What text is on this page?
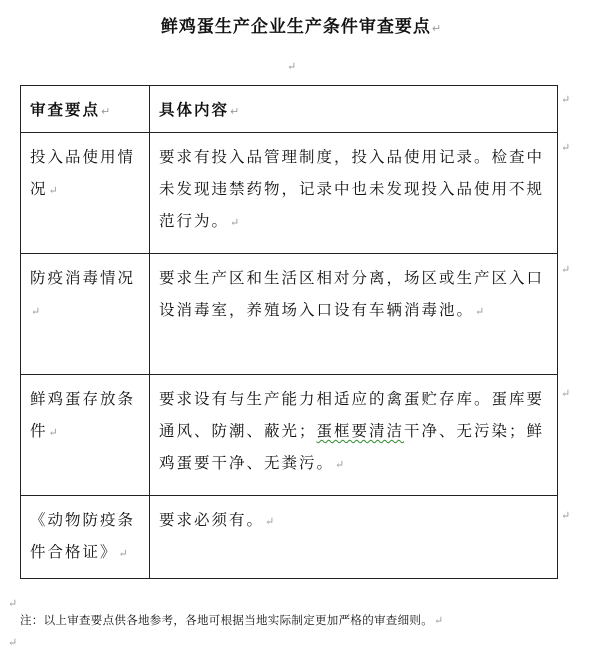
鲜鸡蛋生产企业生产条件审查要点↵
↵
审查要点↵	具体内容↵
投入品使用情况↵	要求有投入品管理制度，投入品使用记录。检查中未发现违禁药物，记录中也未发现投入品使用不规范行为。↵
防疫消毒情况↵	要求生产区和生活区相对分离，场区或生产区入口设消毒室，养殖场入口设有车辆消毒池。↵
鲜鸡蛋存放条件↵	要求设有与生产能力相适应的禽蛋贮存库。蛋库要通风、防潮、蔽光；蛋框要清洁干净、无污染；鲜鸡蛋要干净、无粪污。↵
《动物防疫条件合格证》↵	要求必须有。↵
↵
↵
↵
↵
↵
↵
注：以上审查要点供各地参考，各地可根据当地实际制定更加严格的审查细则。↵
↵
